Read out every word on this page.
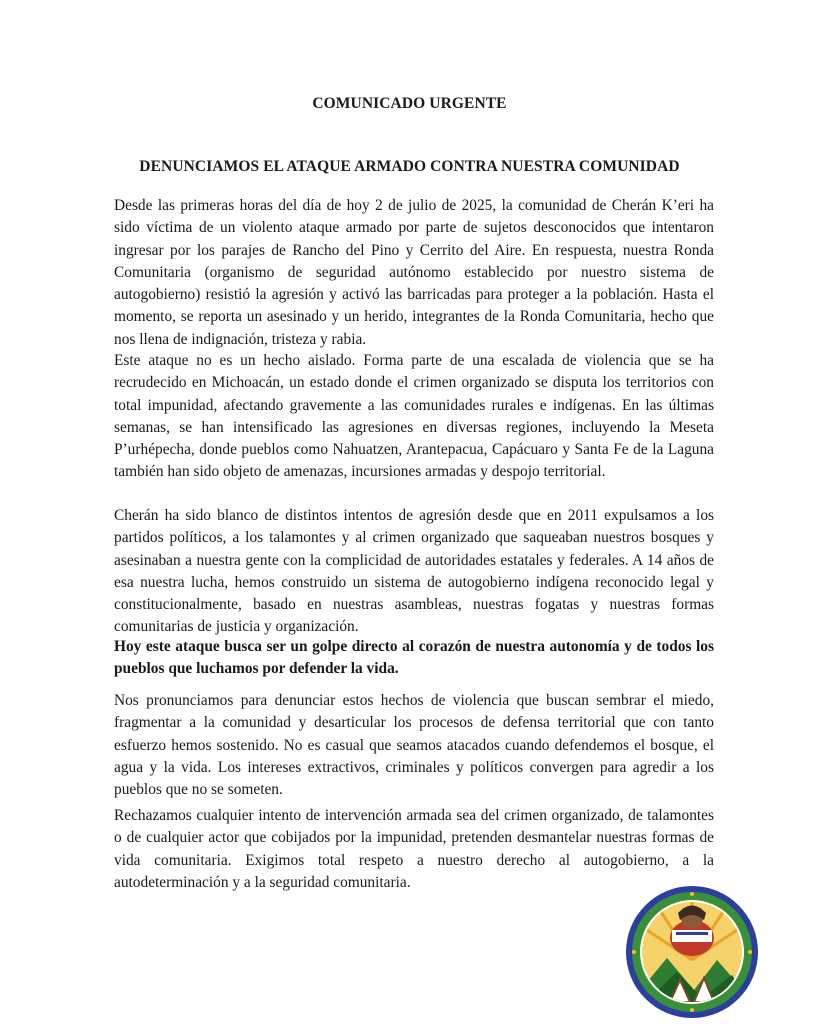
COMUNICADO URGENTE
DENUNCIAMOS EL ATAQUE ARMADO CONTRA NUESTRA COMUNIDAD

Desde las primeras horas del día de hoy 2 de julio de 2025, la comunidad de Cherán K’eri ha sido víctima de un violento ataque armado por parte de sujetos desconocidos que intentaron ingresar por los parajes de Rancho del Pino y Cerrito del Aire. En respuesta, nuestra Ronda Comunitaria (organismo de seguridad autónomo establecido por nuestro sistema de autogobierno) resistió la agresión y activó las barricadas para proteger a la población. Hasta el momento, se reporta un asesinado y un herido, integrantes de la Ronda Comunitaria, hecho que nos llena de indignación, tristeza y rabia.

Este ataque no es un hecho aislado. Forma parte de una escalada de violencia que se ha recrudecido en Michoacán, un estado donde el crimen organizado se disputa los territorios con total impunidad, afectando gravemente a las comunidades rurales e indígenas. En las últimas semanas, se han intensificado las agresiones en diversas regiones, incluyendo la Meseta P’urhépecha, donde pueblos como Nahuatzen, Arantepacua, Capácuaro y Santa Fe de la Laguna también han sido objeto de amenazas, incursiones armadas y despojo territorial.

Cherán ha sido blanco de distintos intentos de agresión desde que en 2011 expulsamos a los partidos políticos, a los talamontes y al crimen organizado que saqueaban nuestros bosques y asesinaban a nuestra gente con la complicidad de autoridades estatales y federales. A 14 años de esa nuestra lucha, hemos construido un sistema de autogobierno indígena reconocido legal y constitucionalmente, basado en nuestras asambleas, nuestras fogatas y nuestras formas comunitarias de justicia y organización.

Hoy este ataque busca ser un golpe directo al corazón de nuestra autonomía y de todos los pueblos que luchamos por defender la vida.

Nos pronunciamos para denunciar estos hechos de violencia que buscan sembrar el miedo, fragmentar a la comunidad y desarticular los procesos de defensa territorial que con tanto esfuerzo hemos sostenido. No es casual que seamos atacados cuando defendemos el bosque, el agua y la vida. Los intereses extractivos, criminales y políticos convergen para agredir a los pueblos que no se someten.

Rechazamos cualquier intento de intervención armada sea del crimen organizado, de talamontes o de cualquier actor que cobijados por la impunidad, pretenden desmantelar nuestras formas de vida comunitaria. Exigimos total respeto a nuestro derecho al autogobierno, a la autodeterminación y a la seguridad comunitaria.
